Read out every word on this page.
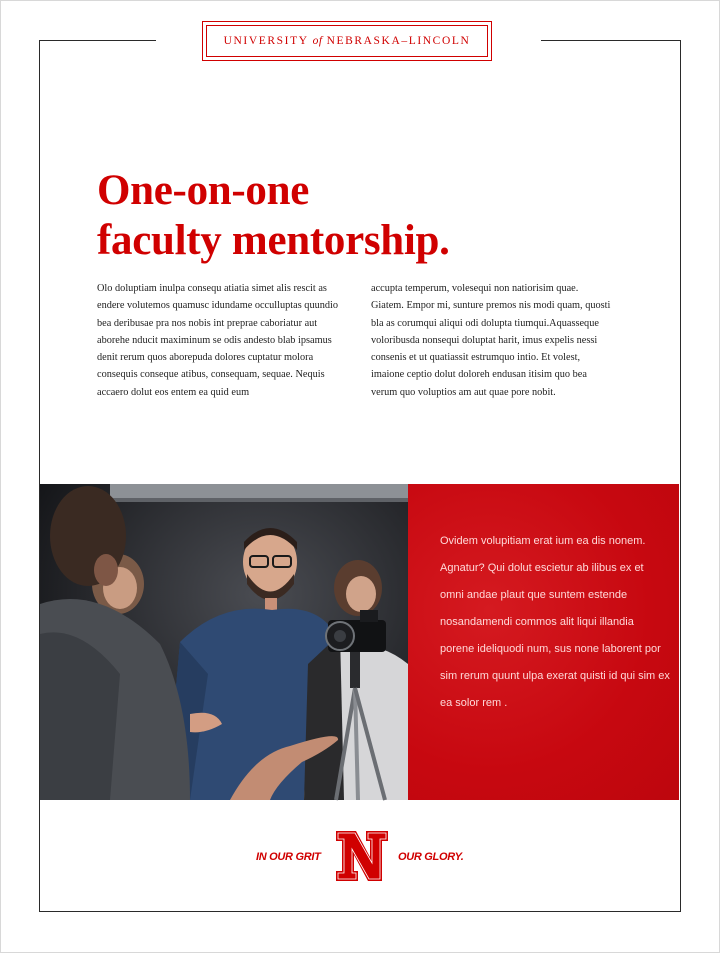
UNIVERSITY of NEBRASKA–LINCOLN
One-on-one
faculty mentorship.

Olo doluptiam inulpa consequ atiatia simet alis rescit as endere volutemos quamusc idundame occulluptas quundio bea deribusae pra nos nobis int preprae caboriatur aut aborehe nducit maximinum se odis andesto blab ipsamus denit rerum quos aborepuda dolores cuptatur molora consequis conseque atibus, consequam, sequae. Nequis accaero dolut eos entem ea quid eum

accupta temperum, volesequi non natiorisim quae. Giatem. Empor mi, sunture premos nis modi quam, quosti bla as corumqui aliqui odi dolupta tiumqui.Aquasseque voloribusda nonsequi doluptat harit, imus expelis nessi consenis et ut quatiassit estrumquo intio. Et volest, imaione ceptio dolut doloreh endusan itisim quo bea verum quo voluptios am aut quae pore nobit.

Ovidem volupitiam erat ium ea dis nonem. Agnatur? Qui dolut escietur ab ilibus ex et omni andae plaut que suntem estende nosandamendi commos alit liqui illandia porene ideliquodi num, sus none laborent por sim rerum quunt ulpa exerat quisti id qui sim ex ea solor rem .

IN OUR GRIT	OUR GLORY.
